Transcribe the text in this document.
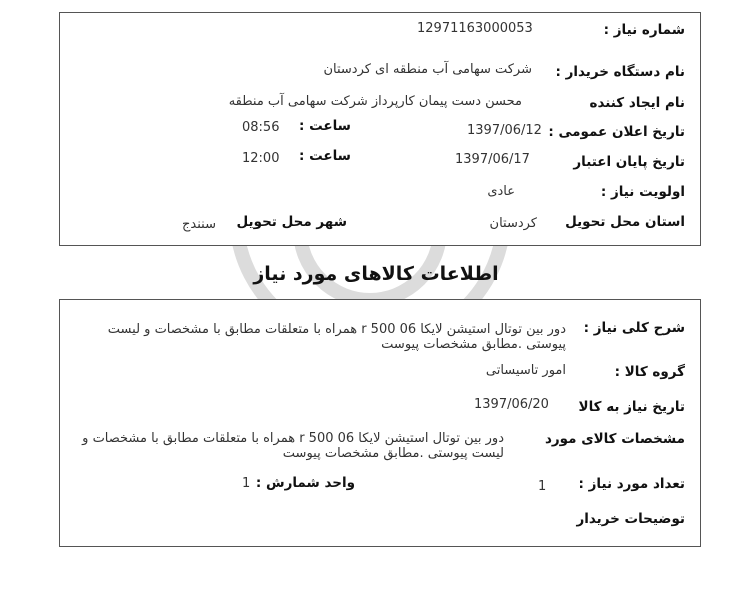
شماره نیاز :
12971163000053
نام دستگاه خریدار :
شرکت سهامی آب منطقه ای کردستان
نام ایجاد کننده
محسن دست پیمان کارپرداز شرکت سهامی آب منطقه
تاریخ اعلان عمومی :
1397/06/12
ساعت :
08:56
تاریخ پایان اعتبار
1397/06/17
ساعت :
12:00
اولویت نیاز :
عادی
استان محل تحویل
کردستان
شهر محل تحویل
سنندج
اطلاعات کالاهای مورد نیاز
شرح کلی نیاز :
دور بین توتال استیشن لایکا r 500 06 همراه با متعلقات مطابق با مشخصات و لیست پیوستی .مطابق مشخصات پیوست
گروه کالا :
امور تاسیساتی
تاریخ نیاز به کالا
1397/06/20
مشخصات کالای مورد
دور بین توتال استیشن لایکا r 500 06 همراه با متعلقات مطابق با مشخصات و لیست پیوستی .مطابق مشخصات پیوست
تعداد مورد نیاز :
1
واحد شمارش :
1
توضیحات خریدار
